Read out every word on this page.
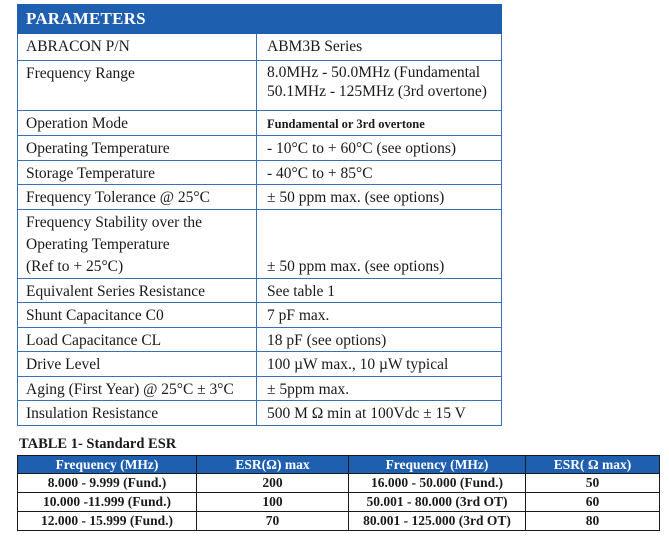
PARAMETERS
ABRACON P/N	ABM3B Series
Frequency Range	8.0MHz - 50.0MHz (Fundamental
50.1MHz - 125MHz (3rd overtone)
Operation Mode	Fundamental or 3rd overtone
Operating Temperature	- 10°C to + 60°C (see options)
Storage Temperature	- 40°C to + 85°C
Frequency Tolerance @ 25°C	± 50 ppm max. (see options)
Frequency Stability over the
Operating Temperature
(Ref to + 25°C)	± 50 ppm max. (see options)
Equivalent Series Resistance	See table 1
Shunt Capacitance C0	7 pF max.
Load Capacitance CL	18 pF (see options)
Drive Level	100 µW max., 10 µW typical
Aging (First Year) @ 25°C ± 3°C	± 5ppm max.
Insulation Resistance	500 M Ω min at 100Vdc ± 15 V
TABLE 1- Standard ESR
Frequency (MHz)	ESR(Ω) max	Frequency (MHz)	ESR( Ω max)
8.000 - 9.999 (Fund.)	200	16.000 - 50.000 (Fund.)	50
10.000 -11.999 (Fund.)	100	50.001 - 80.000 (3rd OT)	60
12.000 - 15.999 (Fund.)	70	80.001 - 125.000 (3rd OT)	80
